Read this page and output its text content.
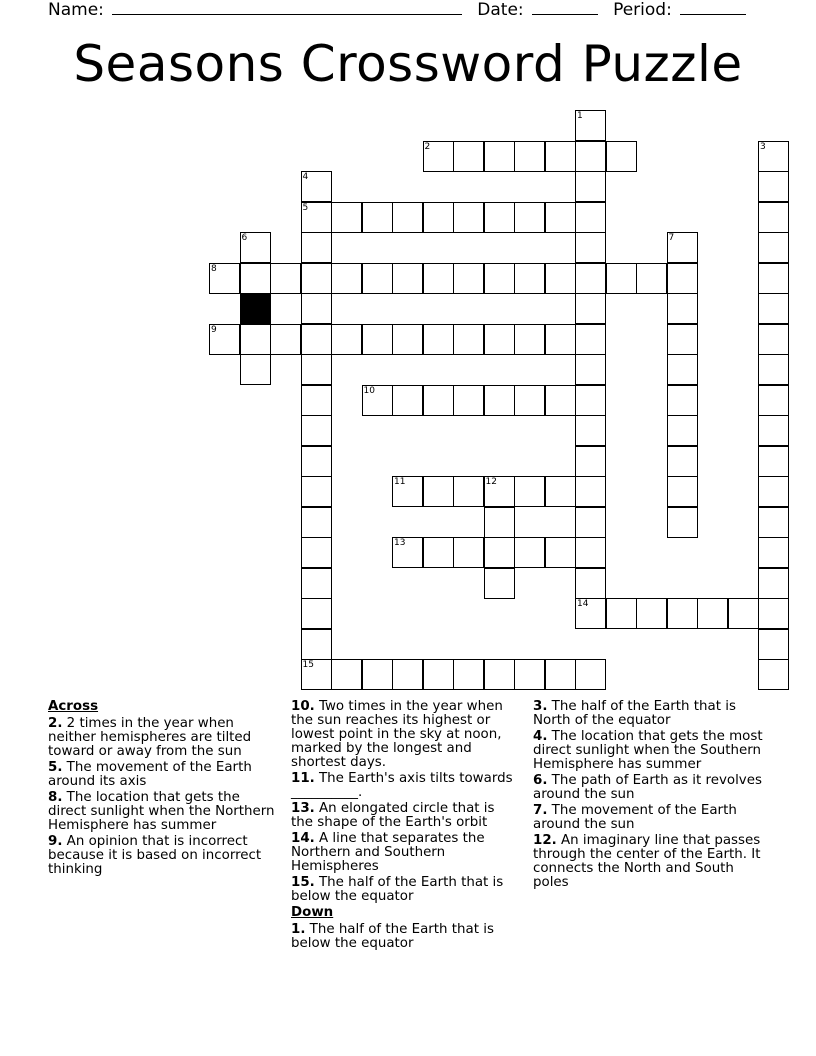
Name:	Date:	Period:
Seasons Crossword Puzzle
1
2	3
4
5
6	7
8
9
10
11	12
13
14
15
Across
2. 2 times in the year when neither hemispheres are tilted toward or away from the sun
5. The movement of the Earth around its axis
8. The location that gets the direct sunlight when the Northern Hemisphere has summer
9. An opinion that is incorrect because it is based on incorrect thinking
10. Two times in the year when the sun reaches its highest or lowest point in the sky at noon, marked by the longest and shortest days.
11. The Earth's axis tilts towards __________.
13. An elongated circle that is the shape of the Earth's orbit
14. A line that separates the Northern and Southern Hemispheres
15. The half of the Earth that is below the equator
Down
1. The half of the Earth that is below the equator
3. The half of the Earth that is North of the equator
4. The location that gets the most direct sunlight when the Southern Hemisphere has summer
6. The path of Earth as it revolves around the sun
7. The movement of the Earth around the sun
12. An imaginary line that passes through the center of the Earth. It connects the North and South poles
